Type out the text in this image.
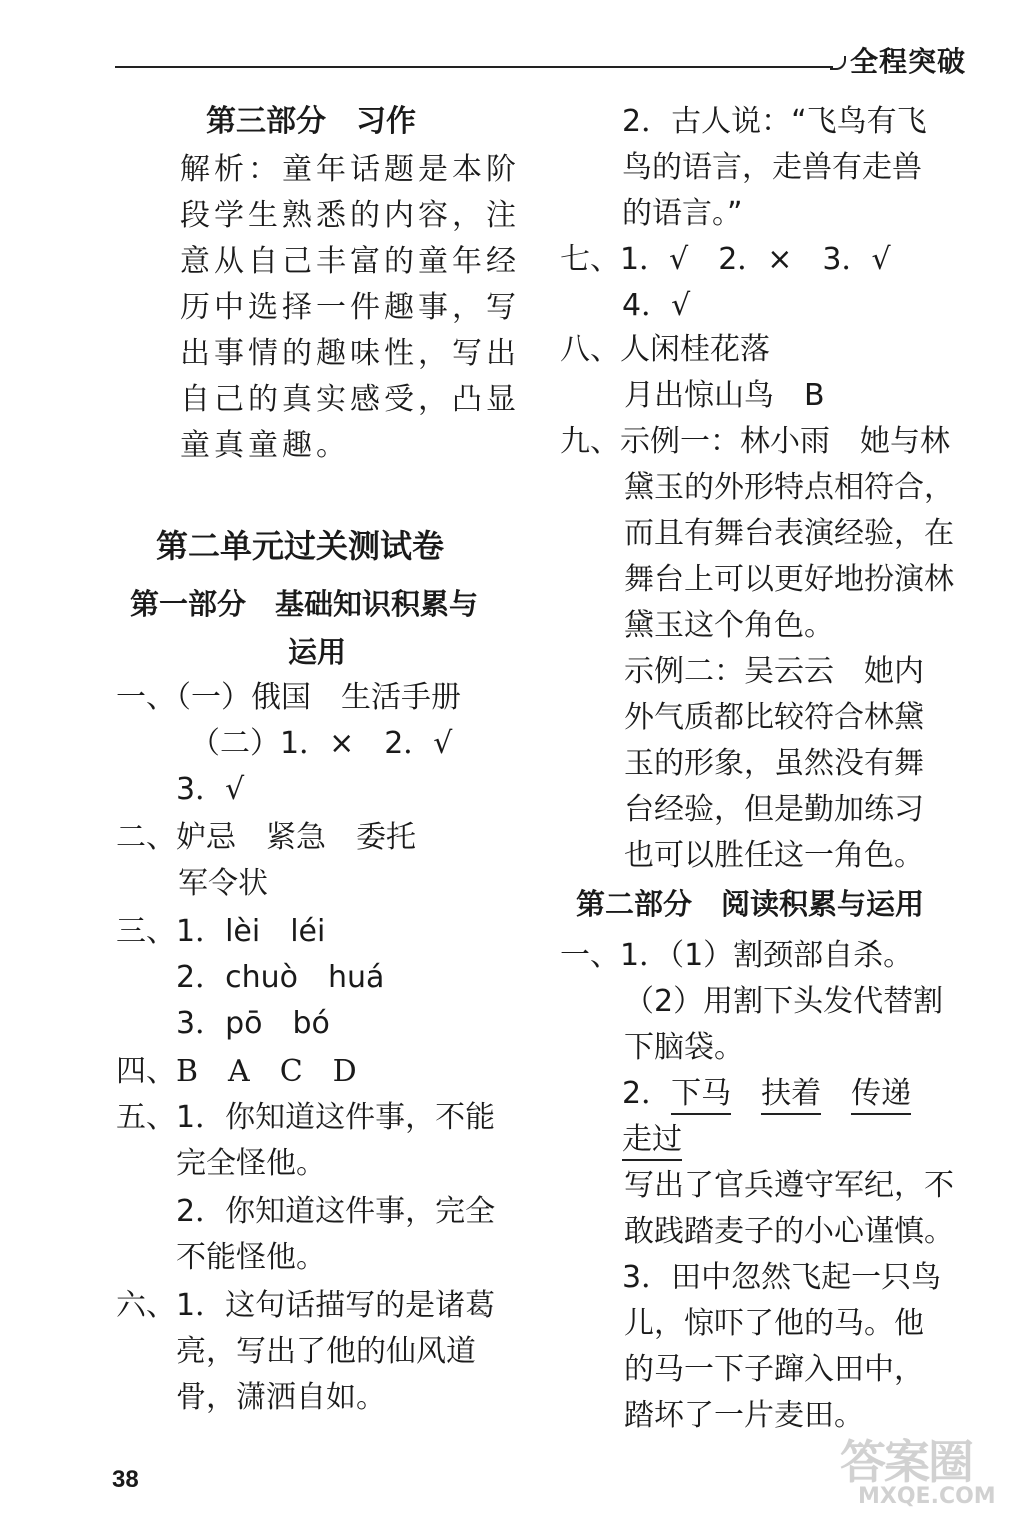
全程突破
第三部分　习作
解析：童年话题是本阶
段学生熟悉的内容，注
意从自己丰富的童年经
历中选择一件趣事，写
出事情的趣味性，写出
自己的真实感受，凸显
童真童趣。
第二单元过关测试卷
第一部分　基础知识积累与
运用
一、（一）俄国　生活手册
（二）1．×　2．√
3．√
二、妒忌　紧急　委托
军令状
三、1．lèi　léi
2．chuò　huá
3．pō　bó
四、B　A　C　D
五、1．你知道这件事，不能
完全怪他。
2．你知道这件事，完全
不能怪他。
六、1．这句话描写的是诸葛
亮，写出了他的仙风道
骨，潇洒自如。
2．古人说：“飞鸟有飞
鸟的语言，走兽有走兽
的语言。”
七、1．√　2．×　3．√
4．√
八、人闲桂花落
月出惊山鸟　B
九、示例一：林小雨　她与林
黛玉的外形特点相符合，
而且有舞台表演经验，在
舞台上可以更好地扮演林
黛玉这个角色。
示例二：吴云云　她内
外气质都比较符合林黛
玉的形象，虽然没有舞
台经验，但是勤加练习
也可以胜任这一角色。
第二部分　阅读积累与运用
一、1．（1）割颈部自杀。
（2）用割下头发代替割
下脑袋。
2．下马 扶着 传递
走过
写出了官兵遵守军纪，不
敢践踏麦子的小心谨慎。
3．田中忽然飞起一只鸟
儿，惊吓了他的马。他
的马一下子蹿入田中，
踏坏了一片麦田。
38	答案圈
MXQE.COM
